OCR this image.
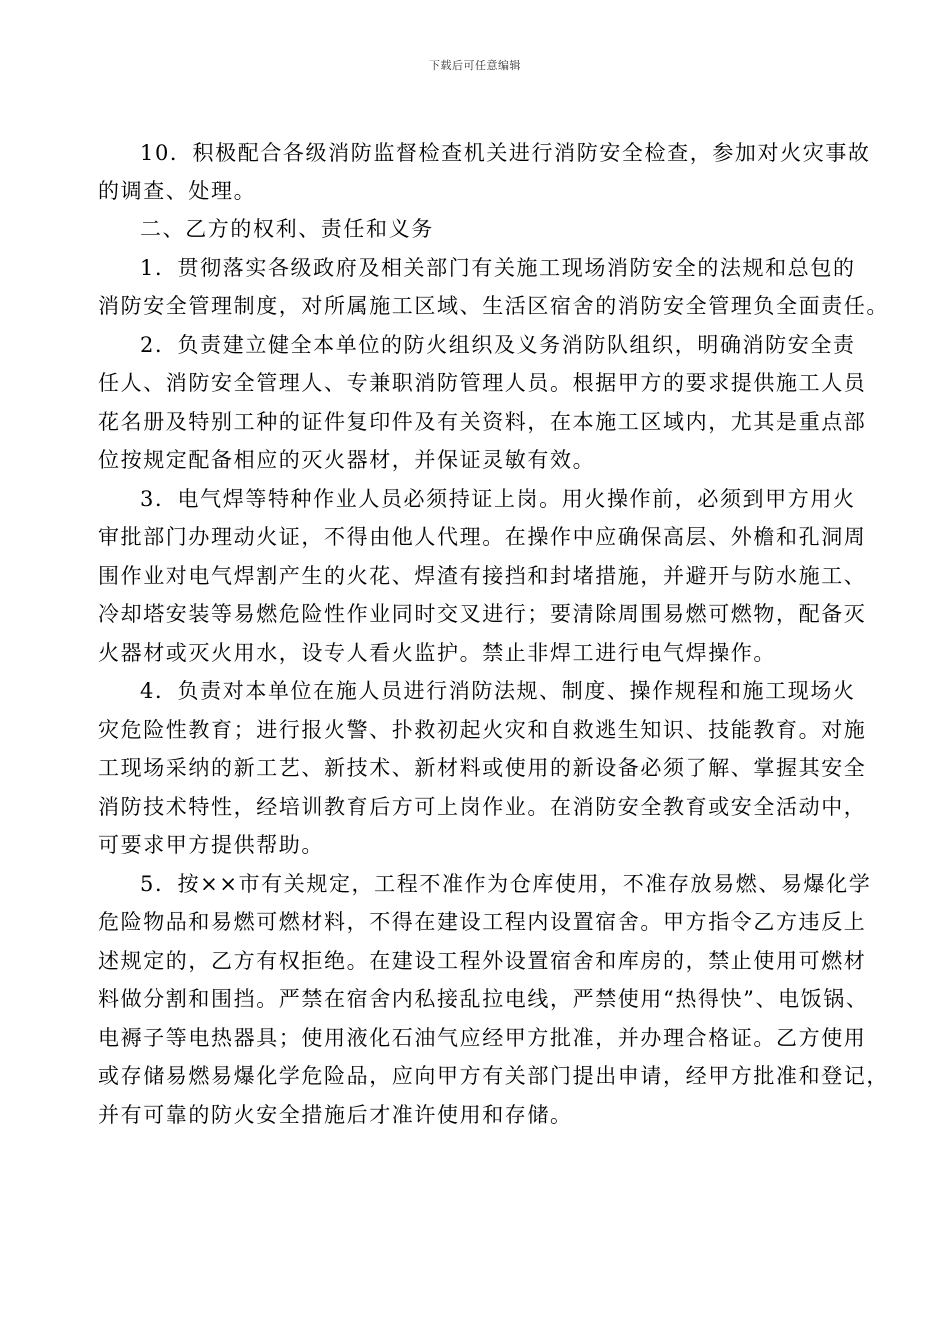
下载后可任意编辑
10．积极配合各级消防监督检查机关进行消防安全检查，参加对火灾事故
的调查、处理。
二、乙方的权利、责任和义务
1．贯彻落实各级政府及相关部门有关施工现场消防安全的法规和总包的
消防安全管理制度，对所属施工区域、生活区宿舍的消防安全管理负全面责任。
2．负责建立健全本单位的防火组织及义务消防队组织，明确消防安全责
任人、消防安全管理人、专兼职消防管理人员。根据甲方的要求提供施工人员
花名册及特别工种的证件复印件及有关资料，在本施工区域内，尤其是重点部
位按规定配备相应的灭火器材，并保证灵敏有效。
3．电气焊等特种作业人员必须持证上岗。用火操作前，必须到甲方用火
审批部门办理动火证，不得由他人代理。在操作中应确保高层、外檐和孔洞周
围作业对电气焊割产生的火花、焊渣有接挡和封堵措施，并避开与防水施工、
冷却塔安装等易燃危险性作业同时交叉进行；要清除周围易燃可燃物，配备灭
火器材或灭火用水，设专人看火监护。禁止非焊工进行电气焊操作。
4．负责对本单位在施人员进行消防法规、制度、操作规程和施工现场火
灾危险性教育；进行报火警、扑救初起火灾和自救逃生知识、技能教育。对施
工现场采纳的新工艺、新技术、新材料或使用的新设备必须了解、掌握其安全
消防技术特性，经培训教育后方可上岗作业。在消防安全教育或安全活动中，
可要求甲方提供帮助。
5．按××市有关规定，工程不准作为仓库使用，不准存放易燃、易爆化学
危险物品和易燃可燃材料，不得在建设工程内设置宿舍。甲方指令乙方违反上
述规定的，乙方有权拒绝。在建设工程外设置宿舍和库房的，禁止使用可燃材
料做分割和围挡。严禁在宿舍内私接乱拉电线，严禁使用“热得快”、电饭锅、
电褥子等电热器具；使用液化石油气应经甲方批准，并办理合格证。乙方使用
或存储易燃易爆化学危险品，应向甲方有关部门提出申请，经甲方批准和登记，
并有可靠的防火安全措施后才准许使用和存储。
